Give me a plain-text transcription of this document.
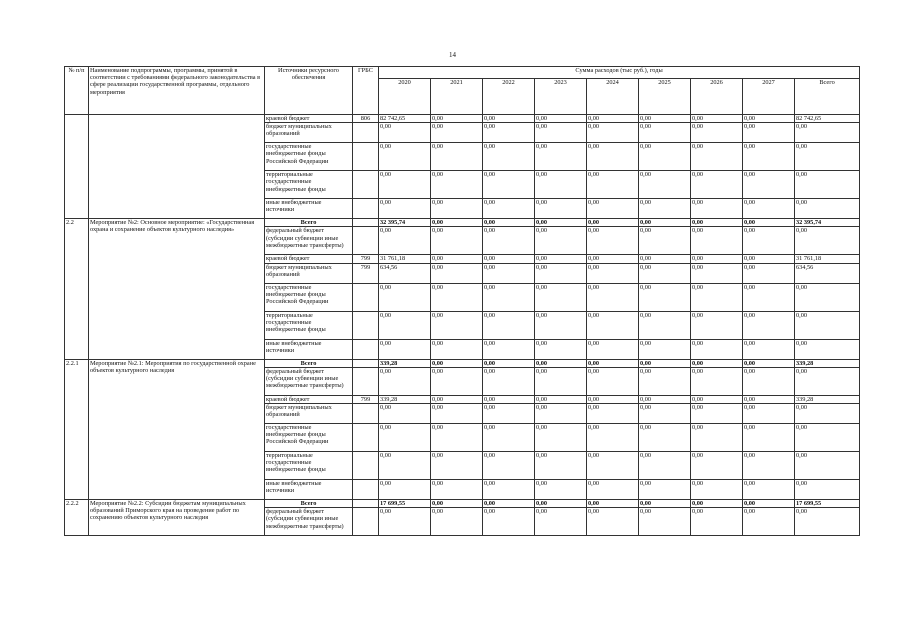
14
№ п/п	Наименование подпрограммы, программы, принятой в соответствии с требованиями федерального законодательства в сфере реализации государственной программы, отдельного мероприятия	Источники ресурсного обеспечения	ГРБС	Сумма расходов (тыс руб.), годы								
				2020	2021	2022	2023	2024	2025	2026	2027	Всего
		краевой бюджет	806	82 742,65	0,00	0,00	0,00	0,00	0,00	0,00	0,00	82 742,65
		бюджет муниципальных образований		0,00	0,00	0,00	0,00	0,00	0,00	0,00	0,00	0,00
		государственные внебюджетные фонды Российской Федерации		0,00	0,00	0,00	0,00	0,00	0,00	0,00	0,00	0,00
		территориальные государственные внебюджетные фонды		0,00	0,00	0,00	0,00	0,00	0,00	0,00	0,00	0,00
		иные внебюджетные источники		0,00	0,00	0,00	0,00	0,00	0,00	0,00	0,00	0,00
2.2	Мероприятие №2: Основное мероприятие: «Государственная охрана и сохранение объектов культурного наследия»	Всего		32 395,74	0,00	0,00	0,00	0,00	0,00	0,00	0,00	32 395,74
		федеральный бюджет (субсидии субвенции иные межбюджетные трансферты)		0,00	0,00	0,00	0,00	0,00	0,00	0,00	0,00	0,00
		краевой бюджет	799	31 761,18	0,00	0,00	0,00	0,00	0,00	0,00	0,00	31 761,18
		бюджет муниципальных образований	799	634,56	0,00	0,00	0,00	0,00	0,00	0,00	0,00	634,56
		государственные внебюджетные фонды Российской Федерации		0,00	0,00	0,00	0,00	0,00	0,00	0,00	0,00	0,00
		территориальные государственные внебюджетные фонды		0,00	0,00	0,00	0,00	0,00	0,00	0,00	0,00	0,00
		иные внебюджетные источники		0,00	0,00	0,00	0,00	0,00	0,00	0,00	0,00	0,00
2.2.1	Мероприятие №2.1: Мероприятия по государственной охране объектов культурного наследия	Всего		339,28	0,00	0,00	0,00	0,00	0,00	0,00	0,00	339,28
		федеральный бюджет (субсидии субвенции иные межбюджетные трансферты)		0,00	0,00	0,00	0,00	0,00	0,00	0,00	0,00	0,00
		краевой бюджет	799	339,28	0,00	0,00	0,00	0,00	0,00	0,00	0,00	339,28
		бюджет муниципальных образований		0,00	0,00	0,00	0,00	0,00	0,00	0,00	0,00	0,00
		государственные внебюджетные фонды Российской Федерации		0,00	0,00	0,00	0,00	0,00	0,00	0,00	0,00	0,00
		территориальные государственные внебюджетные фонды		0,00	0,00	0,00	0,00	0,00	0,00	0,00	0,00	0,00
		иные внебюджетные источники		0,00	0,00	0,00	0,00	0,00	0,00	0,00	0,00	0,00
2.2.2	Мероприятие №2.2: Субсидии бюджетам муниципальных образований Приморского края на проведение работ по сохранению объектов культурного наследия	Всего		17 699,55	0,00	0,00	0,00	0,00	0,00	0,00	0,00	17 699,55
		федеральный бюджет (субсидии субвенции иные межбюджетные трансферты)		0,00	0,00	0,00	0,00	0,00	0,00	0,00	0,00	0,00
